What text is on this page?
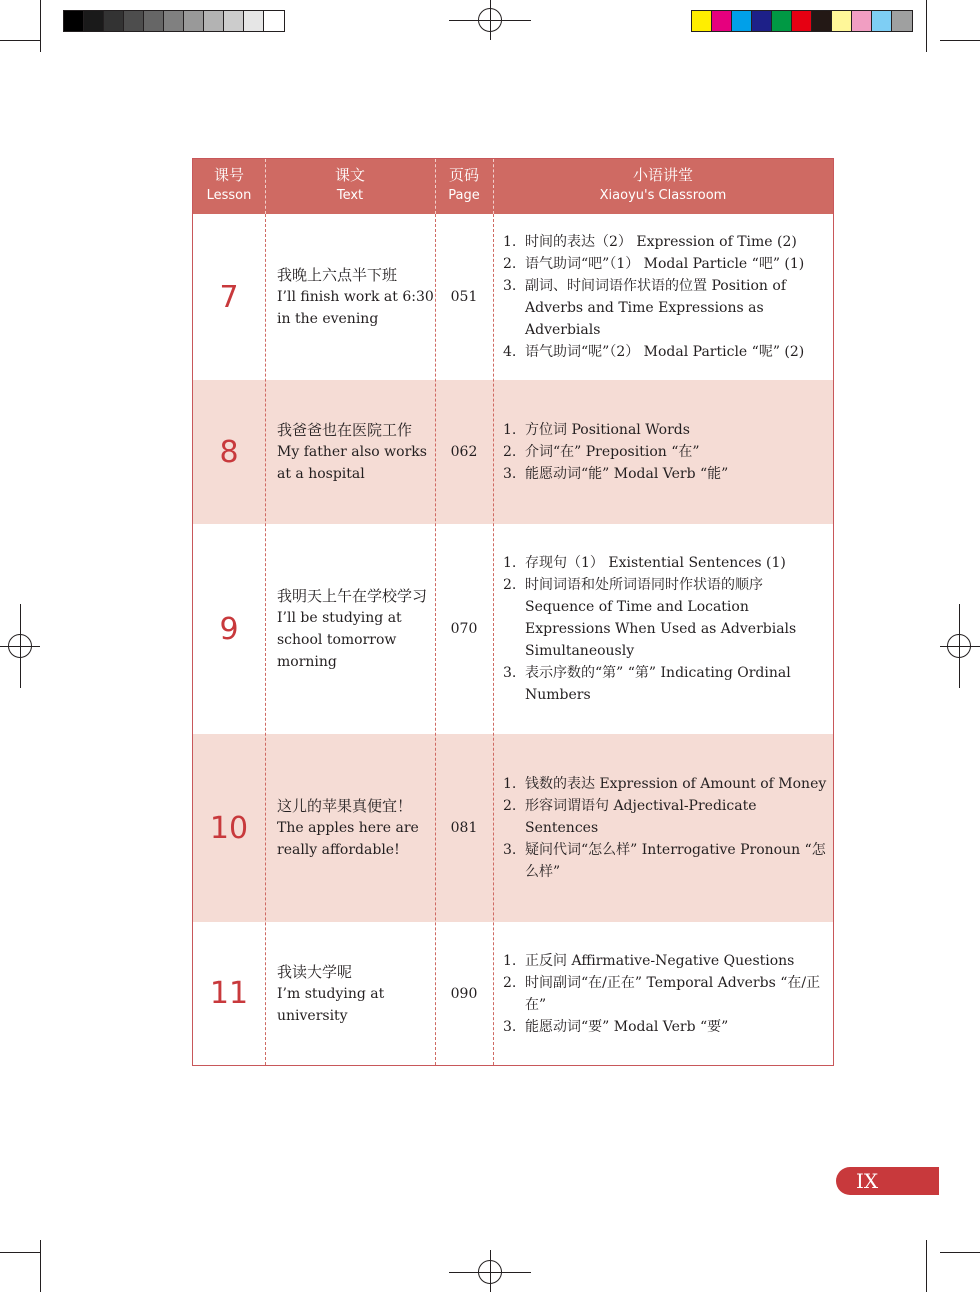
课号
Lesson
课文
Text
页码
Page
小语讲堂
Xiaoyu's Classroom
7
我晚上六点半下班
I’ll finish work at 6:30 in the evening
051
1. 时间的表达（2） Expression of Time (2)
2. 语气助词“吧”（1） Modal Particle “吧” (1)
3. 副词、时间词语作状语的位置 Position of Adverbs and Time Expressions as Adverbials
4. 语气助词“呢”（2） Modal Particle “呢” (2)
8
我爸爸也在医院工作
My father also works at a hospital
062
1. 方位词 Positional Words
2. 介词“在” Preposition “在”
3. 能愿动词“能” Modal Verb “能”
9
我明天上午在学校学习
I’ll be studying at school tomorrow morning
070
1. 存现句（1） Existential Sentences (1)
2. 时间词语和处所词语同时作状语的顺序 Sequence of Time and Location Expressions When Used as Adverbials Simultaneously
3. 表示序数的“第” “第” Indicating Ordinal Numbers
10
这儿的苹果真便宜！
The apples here are really affordable!
081
1. 钱数的表达 Expression of Amount of Money
2. 形容词谓语句 Adjectival-Predicate Sentences
3. 疑问代词“怎么样” Interrogative Pronoun “怎么样”
11
我读大学呢
I’m studying at university
090
1. 正反问 Affirmative-Negative Questions
2. 时间副词“在/正在” Temporal Adverbs “在/正在”
3. 能愿动词“要” Modal Verb “要”
IX
